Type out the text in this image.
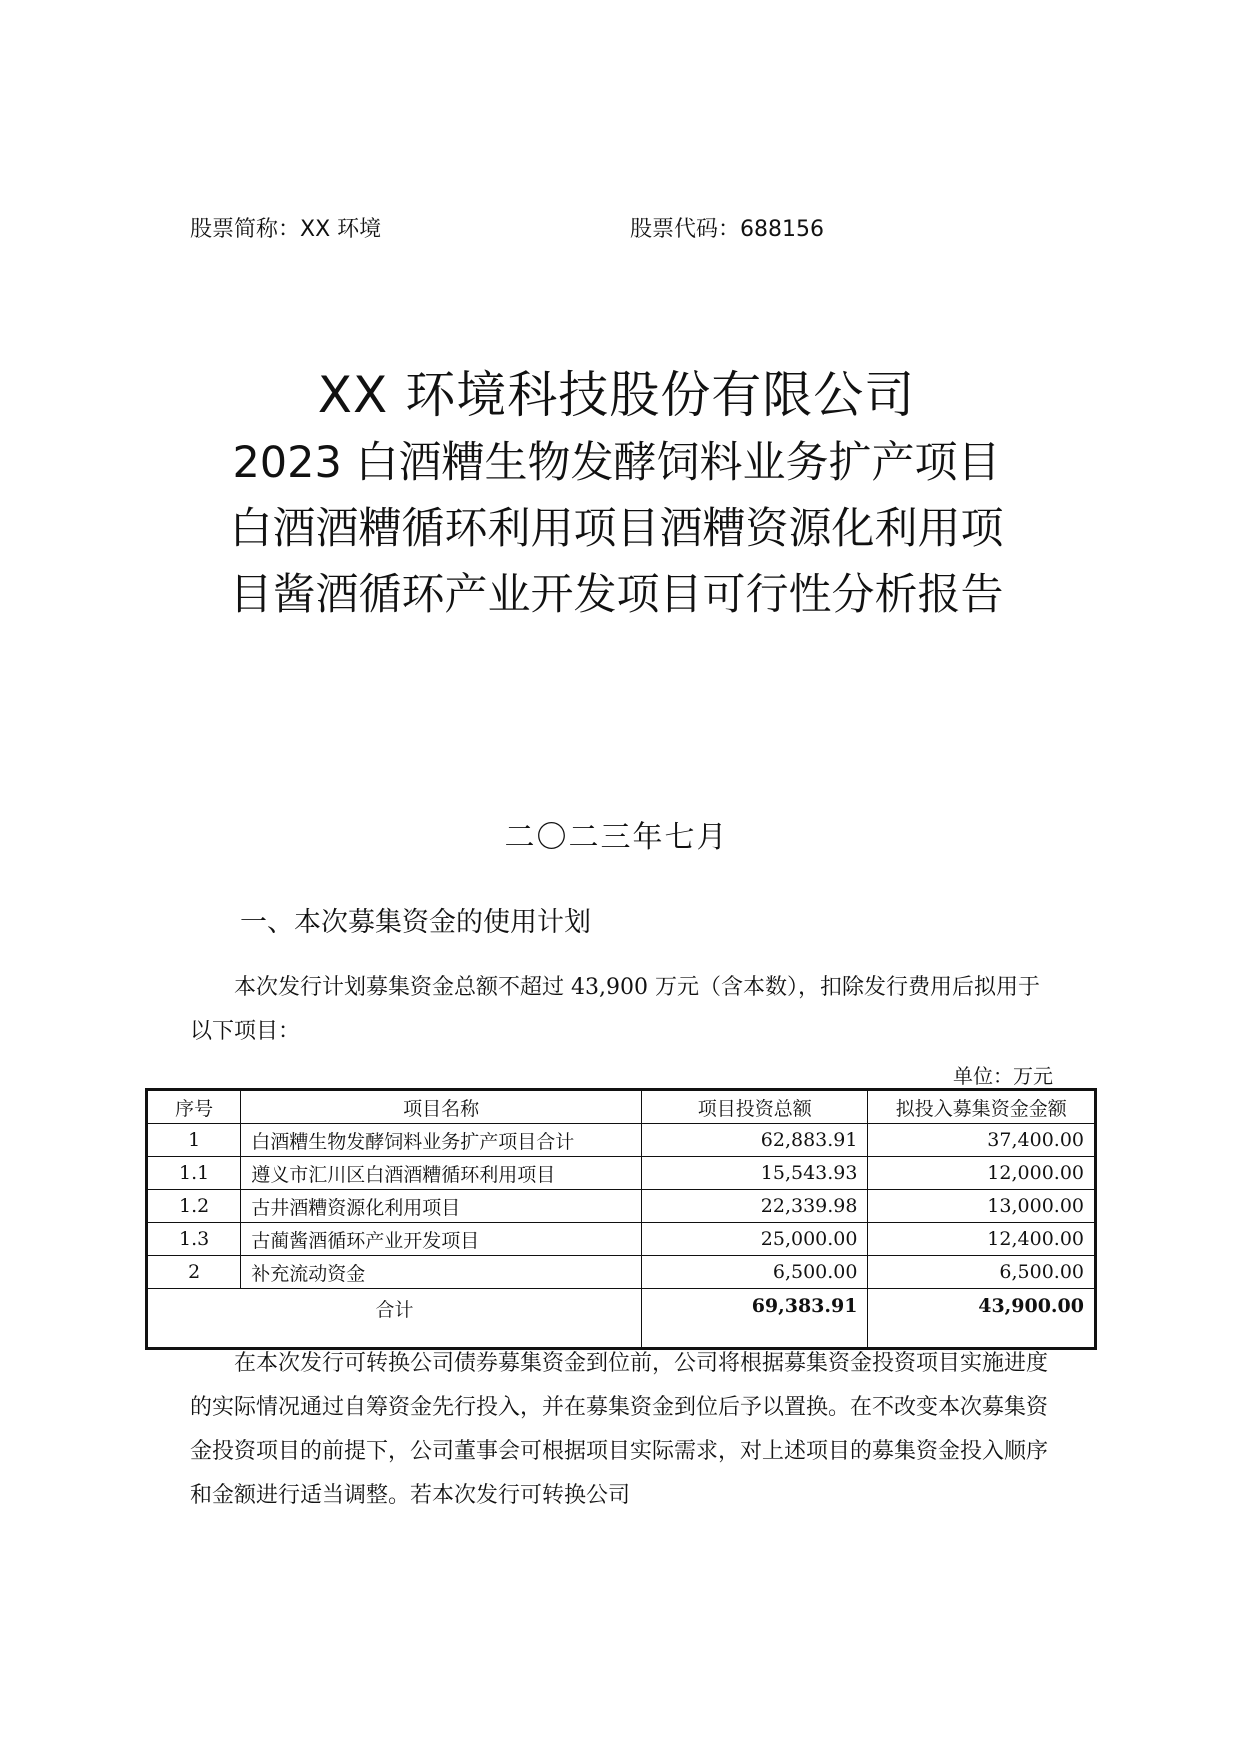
股票简称：XX 环境	股票代码：688156
XX 环境科技股份有限公司
2023 白酒糟生物发酵饲料业务扩产项目
白酒酒糟循环利用项目酒糟资源化利用项
目酱酒循环产业开发项目可行性分析报告
二〇二三年七月
一、本次募集资金的使用计划
本次发行计划募集资金总额不超过 43,900 万元（含本数），扣除发行费用后拟用于以下项目：
单位：万元
序号	项目名称	项目投资总额	拟投入募集资金金额
1	白酒糟生物发酵饲料业务扩产项目合计	62,883.91	37,400.00
1.1	遵义市汇川区白酒酒糟循环利用项目	15,543.93	12,000.00
1.2	古井酒糟资源化利用项目	22,339.98	13,000.00
1.3	古蔺酱酒循环产业开发项目	25,000.00	12,400.00
2	补充流动资金	6,500.00	6,500.00
合计		69,383.91	43,900.00
在本次发行可转换公司债券募集资金到位前，公司将根据募集资金投资项目实施进度的实际情况通过自筹资金先行投入，并在募集资金到位后予以置换。在不改变本次募集资金投资项目的前提下，公司董事会可根据项目实际需求，对上述项目的募集资金投入顺序和金额进行适当调整。若本次发行可转换公司
